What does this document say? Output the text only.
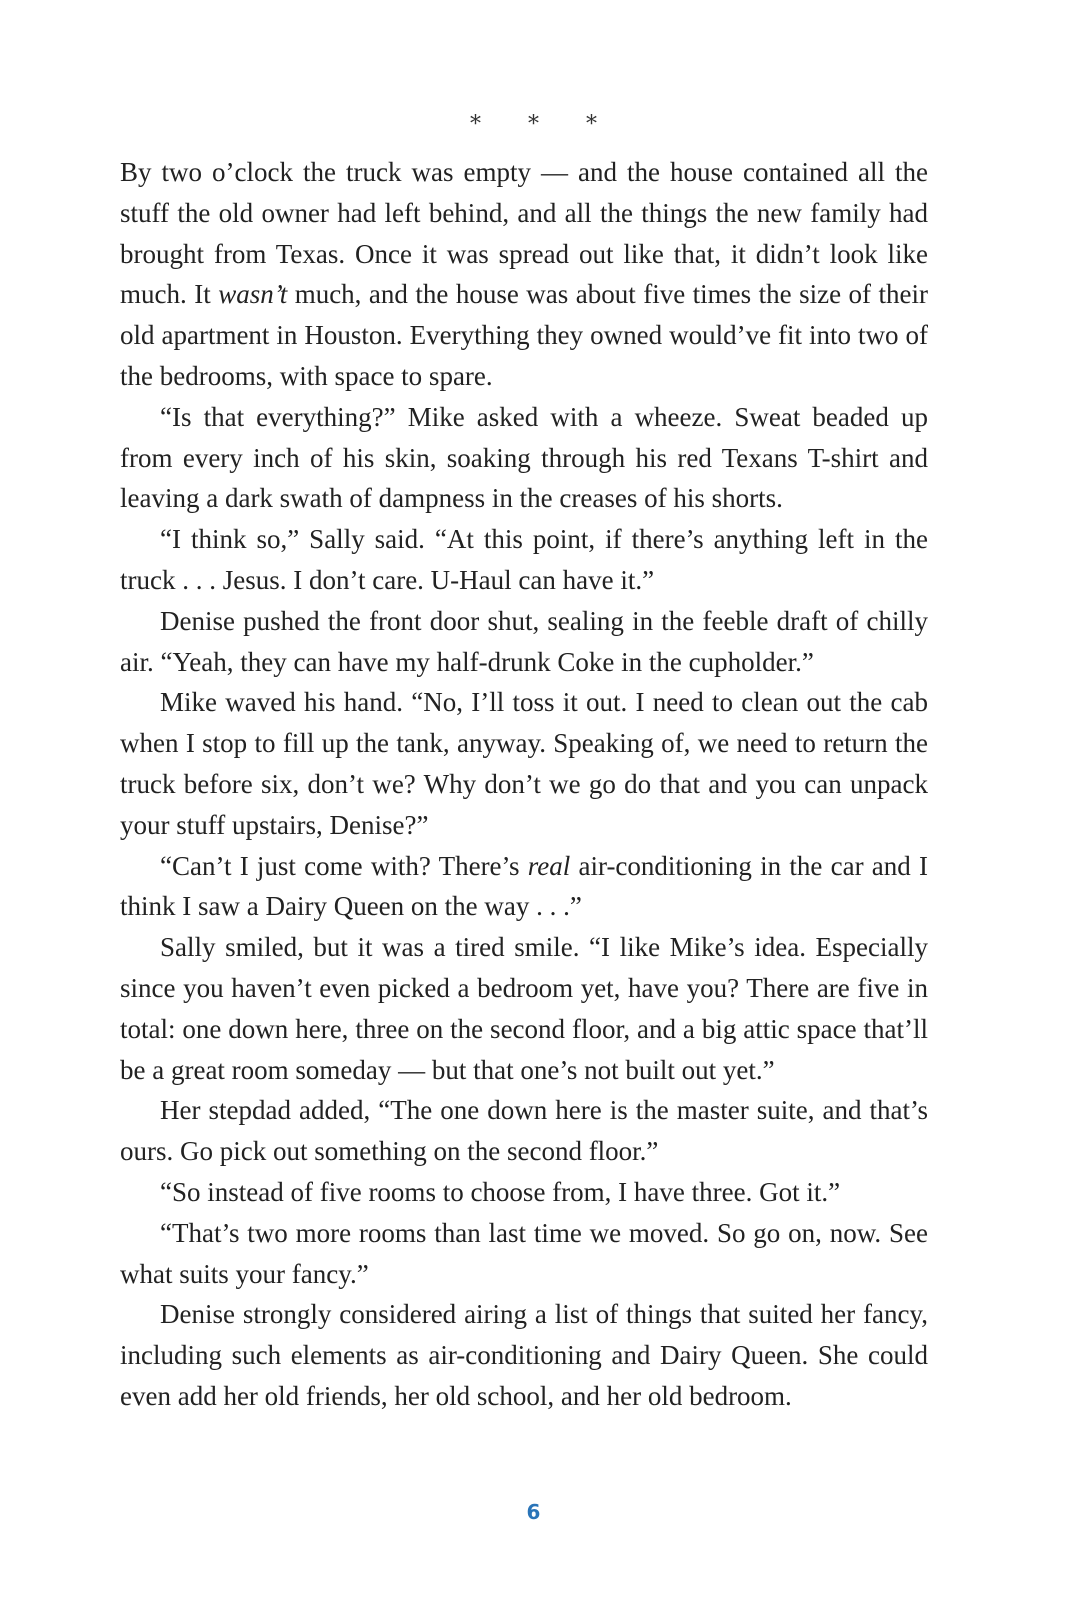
* * *

By two o’clock the truck was empty — and the house contained all the stuff the old owner had left behind, and all the things the new family had brought from Texas. Once it was spread out like that, it didn’t look like much. It wasn’t much, and the house was about five times the size of their old apartment in Houston. Everything they owned would’ve fit into two of the bedrooms, with space to spare.

“Is that everything?” Mike asked with a wheeze. Sweat beaded up from every inch of his skin, soaking through his red Texans T-shirt and leaving a dark swath of dampness in the creases of his shorts.

“I think so,” Sally said. “At this point, if there’s anything left in the truck . . . Jesus. I don’t care. U-Haul can have it.”

Denise pushed the front door shut, sealing in the feeble draft of chilly air. “Yeah, they can have my half-drunk Coke in the cupholder.”

Mike waved his hand. “No, I’ll toss it out. I need to clean out the cab when I stop to fill up the tank, anyway. Speaking of, we need to return the truck before six, don’t we? Why don’t we go do that and you can unpack your stuff upstairs, Denise?”

“Can’t I just come with? There’s real air-conditioning in the car and I think I saw a Dairy Queen on the way . . .”

Sally smiled, but it was a tired smile. “I like Mike’s idea. Especially since you haven’t even picked a bedroom yet, have you? There are five in total: one down here, three on the second floor, and a big attic space that’ll be a great room someday — but that one’s not built out yet.”

Her stepdad added, “The one down here is the master suite, and that’s ours. Go pick out something on the second floor.”

“So instead of five rooms to choose from, I have three. Got it.”

“That’s two more rooms than last time we moved. So go on, now. See what suits your fancy.”

Denise strongly considered airing a list of things that suited her fancy, including such elements as air-conditioning and Dairy Queen. She could even add her old friends, her old school, and her old bedroom.

6
